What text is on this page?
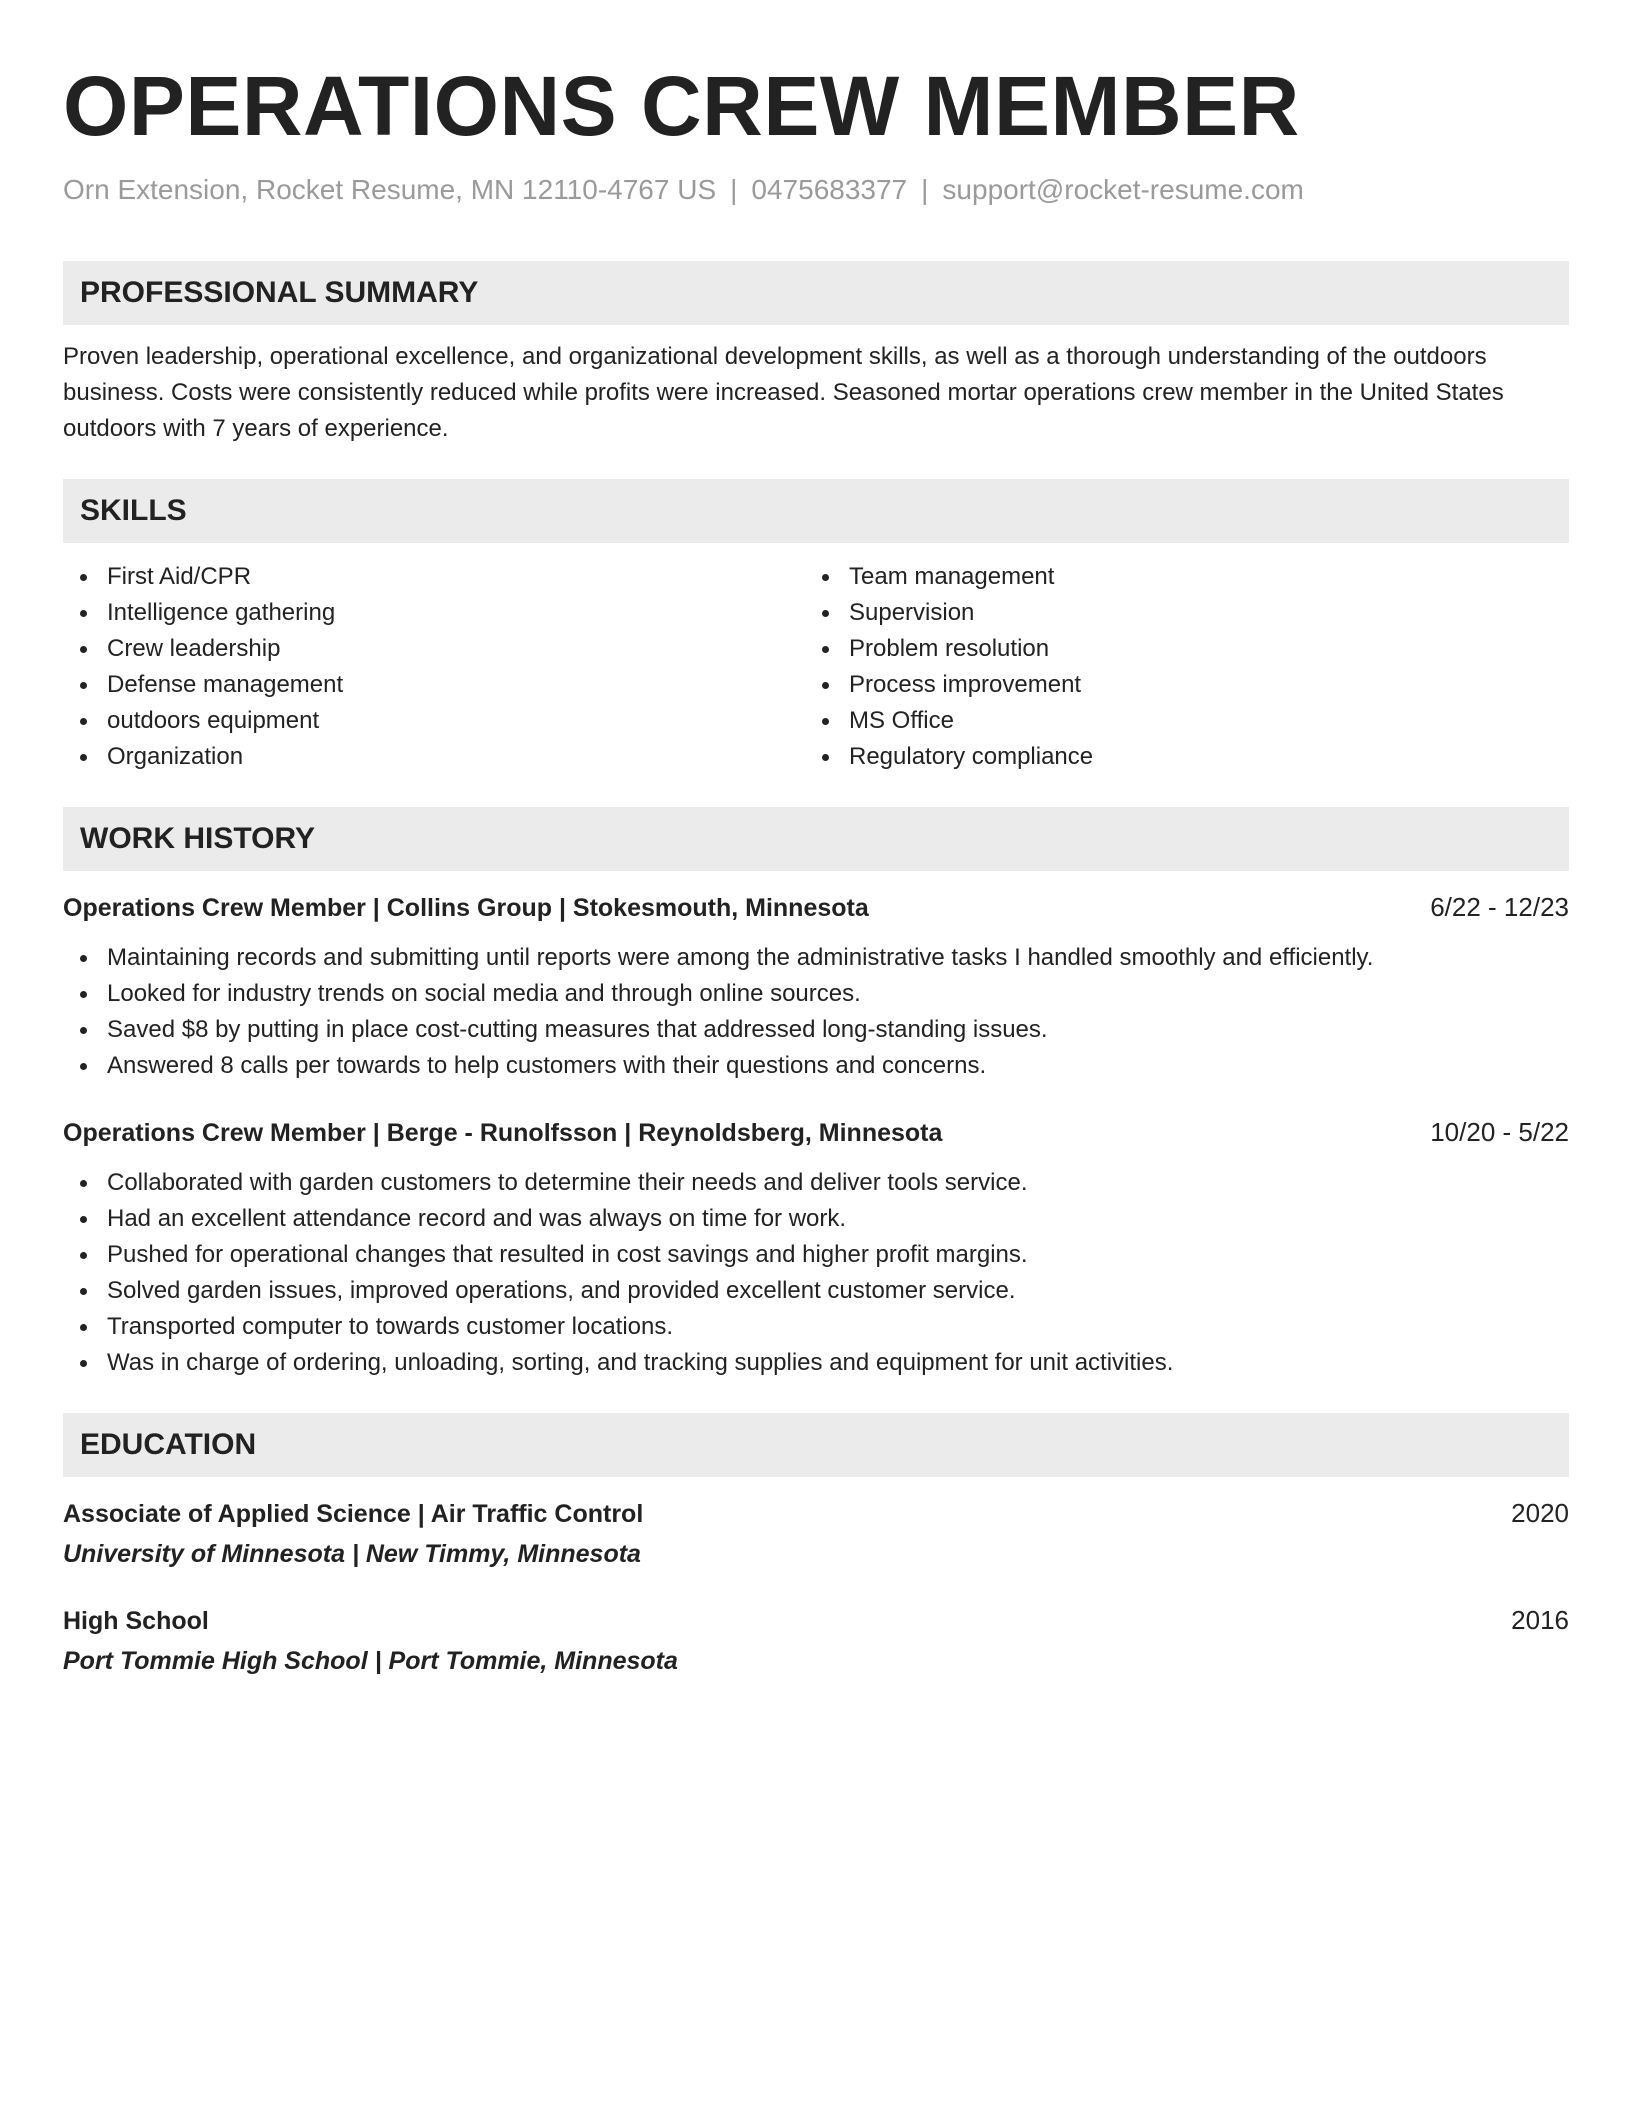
OPERATIONS CREW MEMBER
Orn Extension, Rocket Resume, MN 12110-4767 US | 0475683377 | support@rocket-resume.com
PROFESSIONAL SUMMARY
Proven leadership, operational excellence, and organizational development skills, as well as a thorough understanding of the outdoors business. Costs were consistently reduced while profits were increased. Seasoned mortar operations crew member in the United States outdoors with 7 years of experience.
SKILLS
First Aid/CPR
Intelligence gathering
Crew leadership
Defense management
outdoors equipment
Organization
Team management
Supervision
Problem resolution
Process improvement
MS Office
Regulatory compliance
WORK HISTORY
Operations Crew Member | Collins Group | Stokesmouth, Minnesota	6/22 - 12/23
Maintaining records and submitting until reports were among the administrative tasks I handled smoothly and efficiently.
Looked for industry trends on social media and through online sources.
Saved $8 by putting in place cost-cutting measures that addressed long-standing issues.
Answered 8 calls per towards to help customers with their questions and concerns.
Operations Crew Member | Berge - Runolfsson | Reynoldsberg, Minnesota	10/20 - 5/22
Collaborated with garden customers to determine their needs and deliver tools service.
Had an excellent attendance record and was always on time for work.
Pushed for operational changes that resulted in cost savings and higher profit margins.
Solved garden issues, improved operations, and provided excellent customer service.
Transported computer to towards customer locations.
Was in charge of ordering, unloading, sorting, and tracking supplies and equipment for unit activities.
EDUCATION
Associate of Applied Science | Air Traffic Control	2020
University of Minnesota | New Timmy, Minnesota
High School	2016
Port Tommie High School | Port Tommie, Minnesota
